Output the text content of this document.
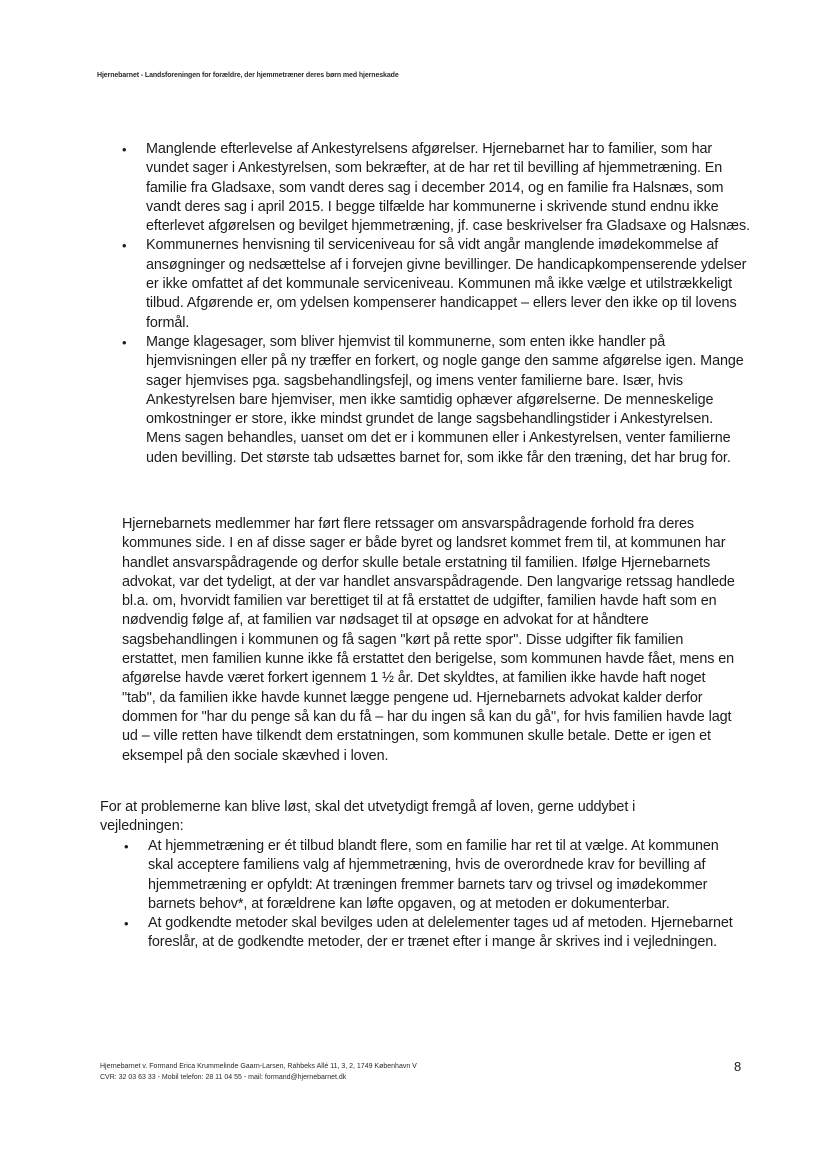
Hjernebarnet - Landsforeningen for forældre, der hjemmetræner deres børn med hjerneskade
• Manglende efterlevelse af Ankestyrelsens afgørelser. Hjernebarnet har to familier, som har vundet sager i Ankestyrelsen, som bekræfter, at de har ret til bevilling af hjemmetræning. En familie fra Gladsaxe, som vandt deres sag i december 2014, og en familie fra Halsnæs, som vandt deres sag i april 2015. I begge tilfælde har kommunerne i skrivende stund endnu ikke efterlevet afgørelsen og bevilget hjemmetræning, jf. case beskrivelser fra Gladsaxe og Halsnæs.
• Kommunernes henvisning til serviceniveau for så vidt angår manglende imødekommelse af ansøgninger og nedsættelse af i forvejen givne bevillinger. De handicapkompenserende ydelser er ikke omfattet af det kommunale serviceniveau. Kommunen må ikke vælge et utilstrækkeligt tilbud. Afgørende er, om ydelsen kompenserer handicappet – ellers lever den ikke op til lovens formål.
• Mange klagesager, som bliver hjemvist til kommunerne, som enten ikke handler på hjemvisningen eller på ny træffer en forkert, og nogle gange den samme afgørelse igen. Mange sager hjemvises pga. sagsbehandlingsfejl, og imens venter familierne bare. Især, hvis Ankestyrelsen bare hjemviser, men ikke samtidig ophæver afgørelserne. De menneskelige omkostninger er store, ikke mindst grundet de lange sagsbehandlingstider i Ankestyrelsen. Mens sagen behandles, uanset om det er i kommunen eller i Ankestyrelsen, venter familierne uden bevilling. Det største tab udsættes barnet for, som ikke får den træning, det har brug for.

Hjernebarnets medlemmer har ført flere retssager om ansvarspådragende forhold fra deres kommunes side. I en af disse sager er både byret og landsret kommet frem til, at kommunen har handlet ansvarspådragende og derfor skulle betale erstatning til familien. Ifølge Hjernebarnets advokat, var det tydeligt, at der var handlet ansvarspådragende. Den langvarige retssag handlede bl.a. om, hvorvidt familien var berettiget til at få erstattet de udgifter, familien havde haft som en nødvendig følge af, at familien var nødsaget til at opsøge en advokat for at håndtere sagsbehandlingen i kommunen og få sagen "kørt på rette spor". Disse udgifter fik familien erstattet, men familien kunne ikke få erstattet den berigelse, som kommunen havde fået, mens en afgørelse havde været forkert igennem 1 ½ år. Det skyldtes, at familien ikke havde haft noget "tab", da familien ikke havde kunnet lægge pengene ud. Hjernebarnets advokat kalder derfor dommen for "har du penge så kan du få – har du ingen så kan du gå", for hvis familien havde lagt ud – ville retten have tilkendt dem erstatningen, som kommunen skulle betale. Dette er igen et eksempel på den sociale skævhed i loven.

For at problemerne kan blive løst, skal det utvetydigt fremgå af loven, gerne uddybet i vejledningen:

• At hjemmetræning er ét tilbud blandt flere, som en familie har ret til at vælge. At kommunen skal acceptere familiens valg af hjemmetræning, hvis de overordnede krav for bevilling af hjemmetræning er opfyldt: At træningen fremmer barnets tarv og trivsel og imødekommer barnets behov*, at forældrene kan løfte opgaven, og at metoden er dokumenterbar.
• At godkendte metoder skal bevilges uden at delelementer tages ud af metoden. Hjernebarnet foreslår, at de godkendte metoder, der er trænet efter i mange år skrives ind i vejledningen.
Hjernebarnet v. Formand Erica Krummelinde Gaarn-Larsen, Rahbeks Allé 11, 3, 2, 1749 København V
CVR: 32 03 63 33 - Mobil telefon: 28 11 04 55 - mail: formand@hjernebarnet.dk
8
